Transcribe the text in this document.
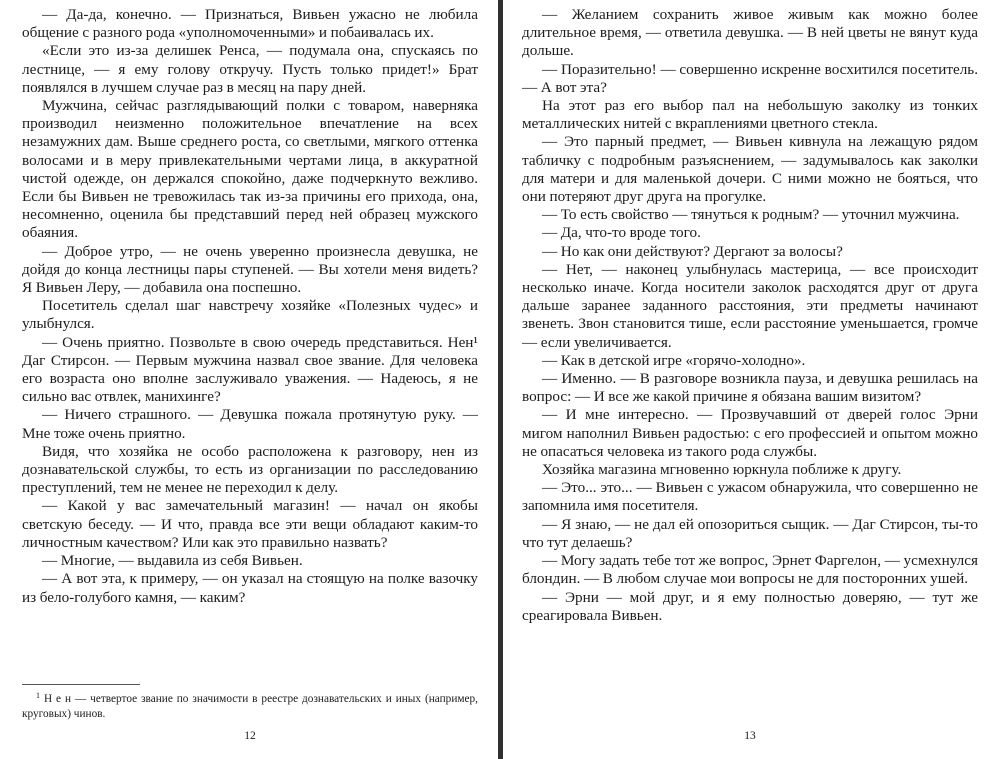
— Да-да, конечно. — Признаться, Вивьен ужасно не любила общение с разного рода «уполномоченными» и побаивалась их.

«Если это из-за делишек Ренса, — подумала она, спускаясь по лестнице, — я ему голову откручу. Пусть только придет!» Брат появлялся в лучшем случае раз в месяц на пару дней.

Мужчина, сейчас разглядывающий полки с товаром, наверняка производил неизменно положительное впечатление на всех незамужних дам. Выше среднего роста, со светлыми, мягкого оттенка волосами и в меру привлекательными чертами лица, в аккуратной чистой одежде, он держался спокойно, даже подчеркнуто вежливо. Если бы Вивьен не тревожилась так из-за причины его прихода, она, несомненно, оценила бы представший перед ней образец мужского обаяния.

— Доброе утро, — не очень уверенно произнесла девушка, не дойдя до конца лестницы пары ступеней. — Вы хотели меня видеть? Я Вивьен Леру, — добавила она поспешно.

Посетитель сделал шаг навстречу хозяйке «Полезных чудес» и улыбнулся.

— Очень приятно. Позвольте в свою очередь представиться. Нен¹ Даг Стирсон. — Первым мужчина назвал свое звание. Для человека его возраста оно вполне заслуживало уважения. — Надеюсь, я не сильно вас отвлек, манихинге?

— Ничего страшного. — Девушка пожала протянутую руку. — Мне тоже очень приятно.

Видя, что хозяйка не особо расположена к разговору, нен из дознавательской службы, то есть из организации по расследованию преступлений, тем не менее не переходил к делу.

— Какой у вас замечательный магазин! — начал он якобы светскую беседу. — И что, правда все эти вещи обладают каким-то личностным качеством? Или как это правильно назвать?

— Многие, — выдавила из себя Вивьен.

— А вот эта, к примеру, — он указал на стоящую на полке вазочку из бело-голубого камня, — каким?

$^1$ Н е н — четвертое звание по значимости в реестре дознавательских и иных (например, круговых) чинов.

12

— Желанием сохранить живое живым как можно более длительное время, — ответила девушка. — В ней цветы не вянут куда дольше.

— Поразительно! — совершенно искренне восхитился посетитель. — А вот эта?

На этот раз его выбор пал на небольшую заколку из тонких металлических нитей с вкраплениями цветного стекла.

— Это парный предмет, — Вивьен кивнула на лежащую рядом табличку с подробным разъяснением, — задумывалось как заколки для матери и для маленькой дочери. С ними можно не бояться, что они потеряют друг друга на прогулке.

— То есть свойство — тянуться к родным? — уточнил мужчина.

— Да, что-то вроде того.

— Но как они действуют? Дергают за волосы?

— Нет, — наконец улыбнулась мастерица, — все происходит несколько иначе. Когда носители заколок расходятся друг от друга дальше заранее заданного расстояния, эти предметы начинают звенеть. Звон становится тише, если расстояние уменьшается, громче — если увеличивается.

— Как в детской игре «горячо-холодно».

— Именно. — В разговоре возникла пауза, и девушка решилась на вопрос: — И все же какой причине я обязана вашим визитом?

— И мне интересно. — Прозвучавший от дверей голос Эрни мигом наполнил Вивьен радостью: с его профессией и опытом можно не опасаться человека из такого рода службы.

Хозяйка магазина мгновенно юркнула поближе к другу.

— Это... это... — Вивьен с ужасом обнаружила, что совершенно не запомнила имя посетителя.

— Я знаю, — не дал ей опозориться сыщик. — Даг Стирсон, ты-то что тут делаешь?

— Могу задать тебе тот же вопрос, Эрнет Фаргелон, — усмехнулся блондин. — В любом случае мои вопросы не для посторонних ушей.

— Эрни — мой друг, и я ему полностью доверяю, — тут же среагировала Вивьен.

13
